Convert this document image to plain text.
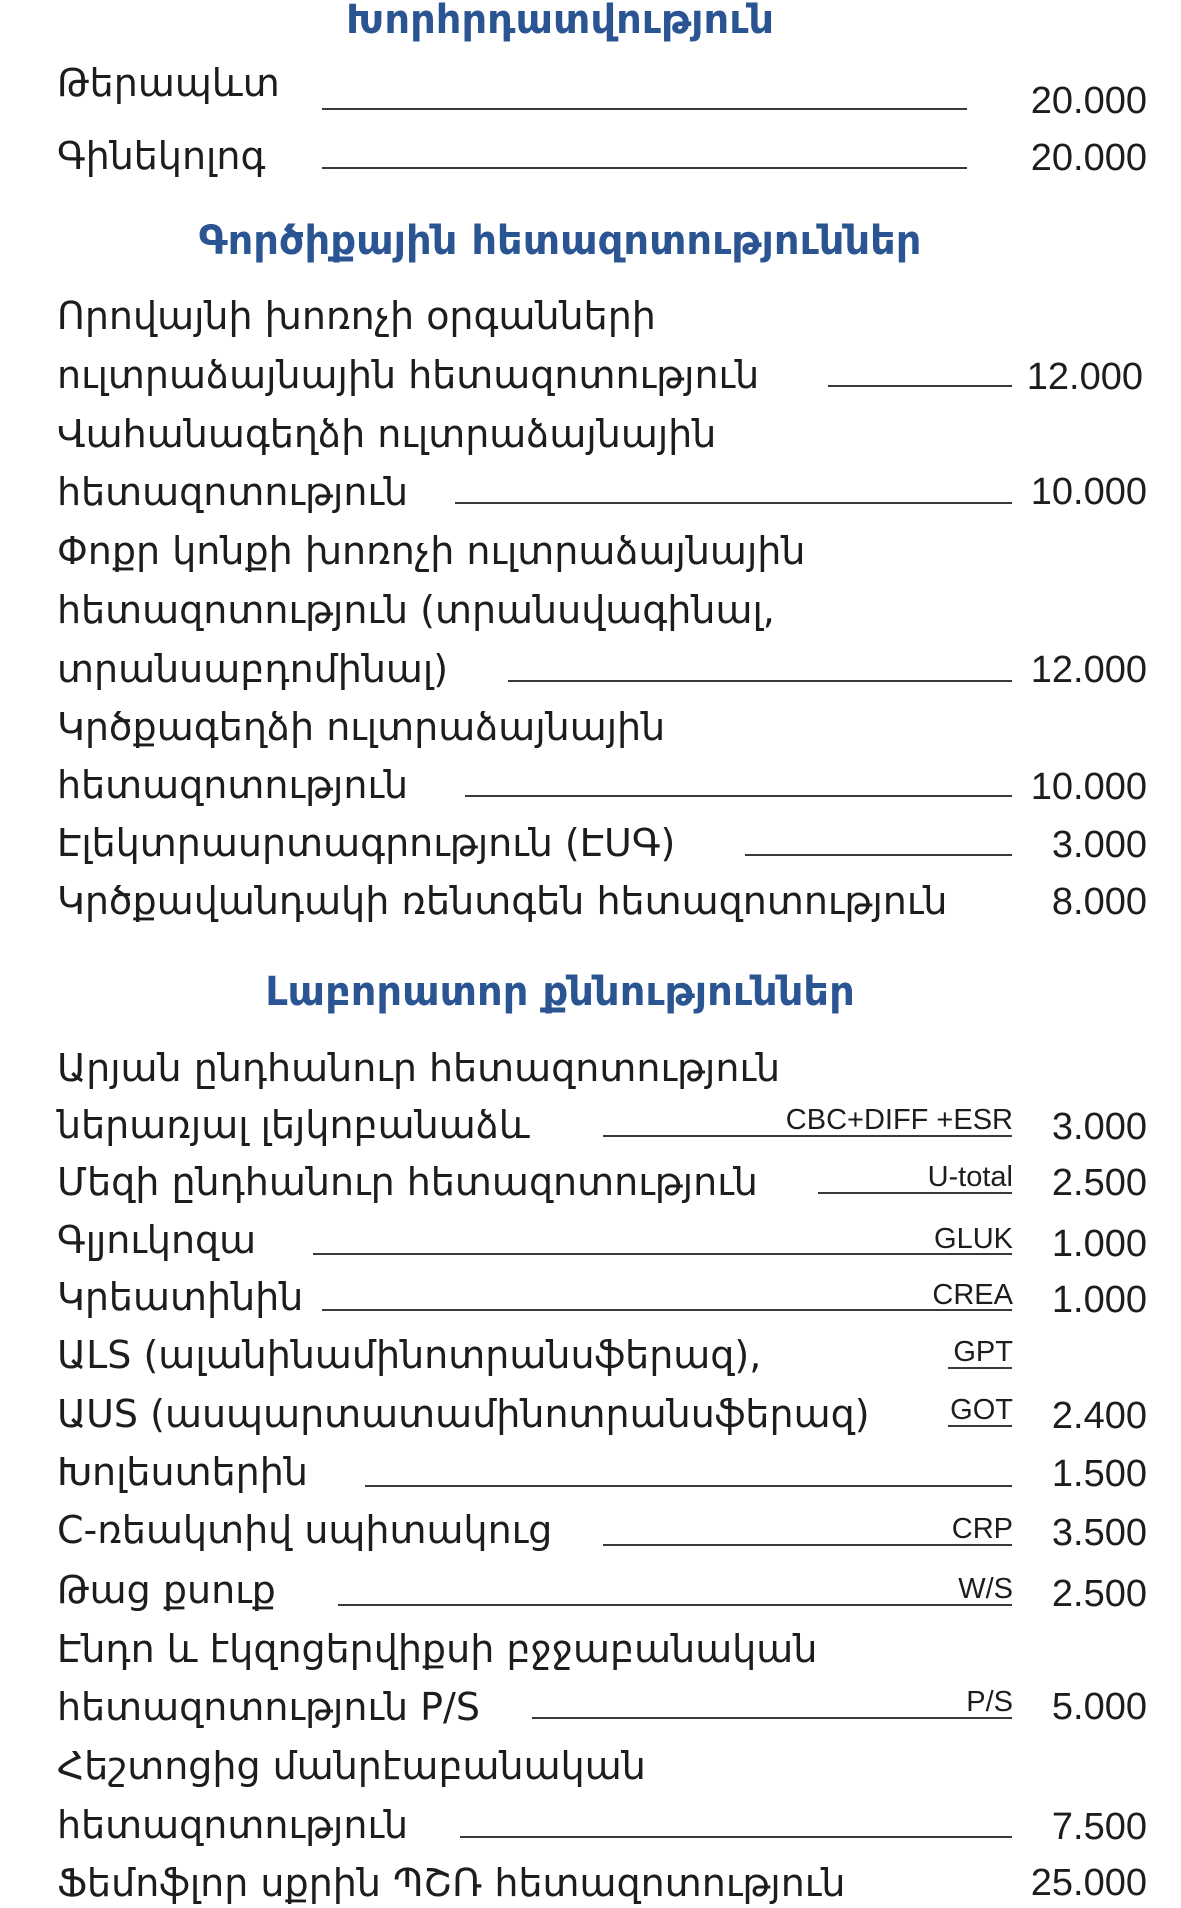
Խորհրդատվություն
Թերապևտ	20.000
Գինեկոլոգ	20.000
Գործիքային հետազոտություններ
Որովայնի խոռոչի օրգանների
ուլտրաձայնային հետազոտություն	12.000
Վահանագեղձի ուլտրաձայնային
հետազոտություն	10.000
Փոքր կոնքի խոռոչի ուլտրաձայնային
հետազոտություն (տրանսվագինալ,
տրանսաբդոմինալ)	12.000
Կրծքագեղձի ուլտրաձայնային
հետազոտություն	10.000
Էլեկտրասրտագրություն (ԷՍԳ)	3.000
Կրծքավանդակի ռենտգեն հետազոտություն	8.000
Լաբորատոր քննություններ
Արյան ընդհանուր հետազոտություն
ներառյալ լեյկոբանաձև	CBC+DIFF +ESR 3.000
Մեզի ընդհանուր հետազոտություն	U-total 2.500
Գլյուկոզա	GLUK 1.000
Կրեատինին	CREA 1.000
ԱLS (ալանինամինոտրանսֆերազ),	GPT
ԱUS (ասպարտատամինոտրանսֆերազ)	GOT 2.400
Խոլեստերին	1.500
C-ռեակտիվ սպիտակուց	CRP 3.500
Թաց քսուք	W/S 2.500
Էնդո և էկզոցերվիքսի բջջաբանական
հետազոտություն P/S	P/S 5.000
Հեշտոցից մանրէաբանական
հետազոտություն	7.500
Ֆեմոֆլոր սքրին ՊՇՌ հետազոտություն	25.000
